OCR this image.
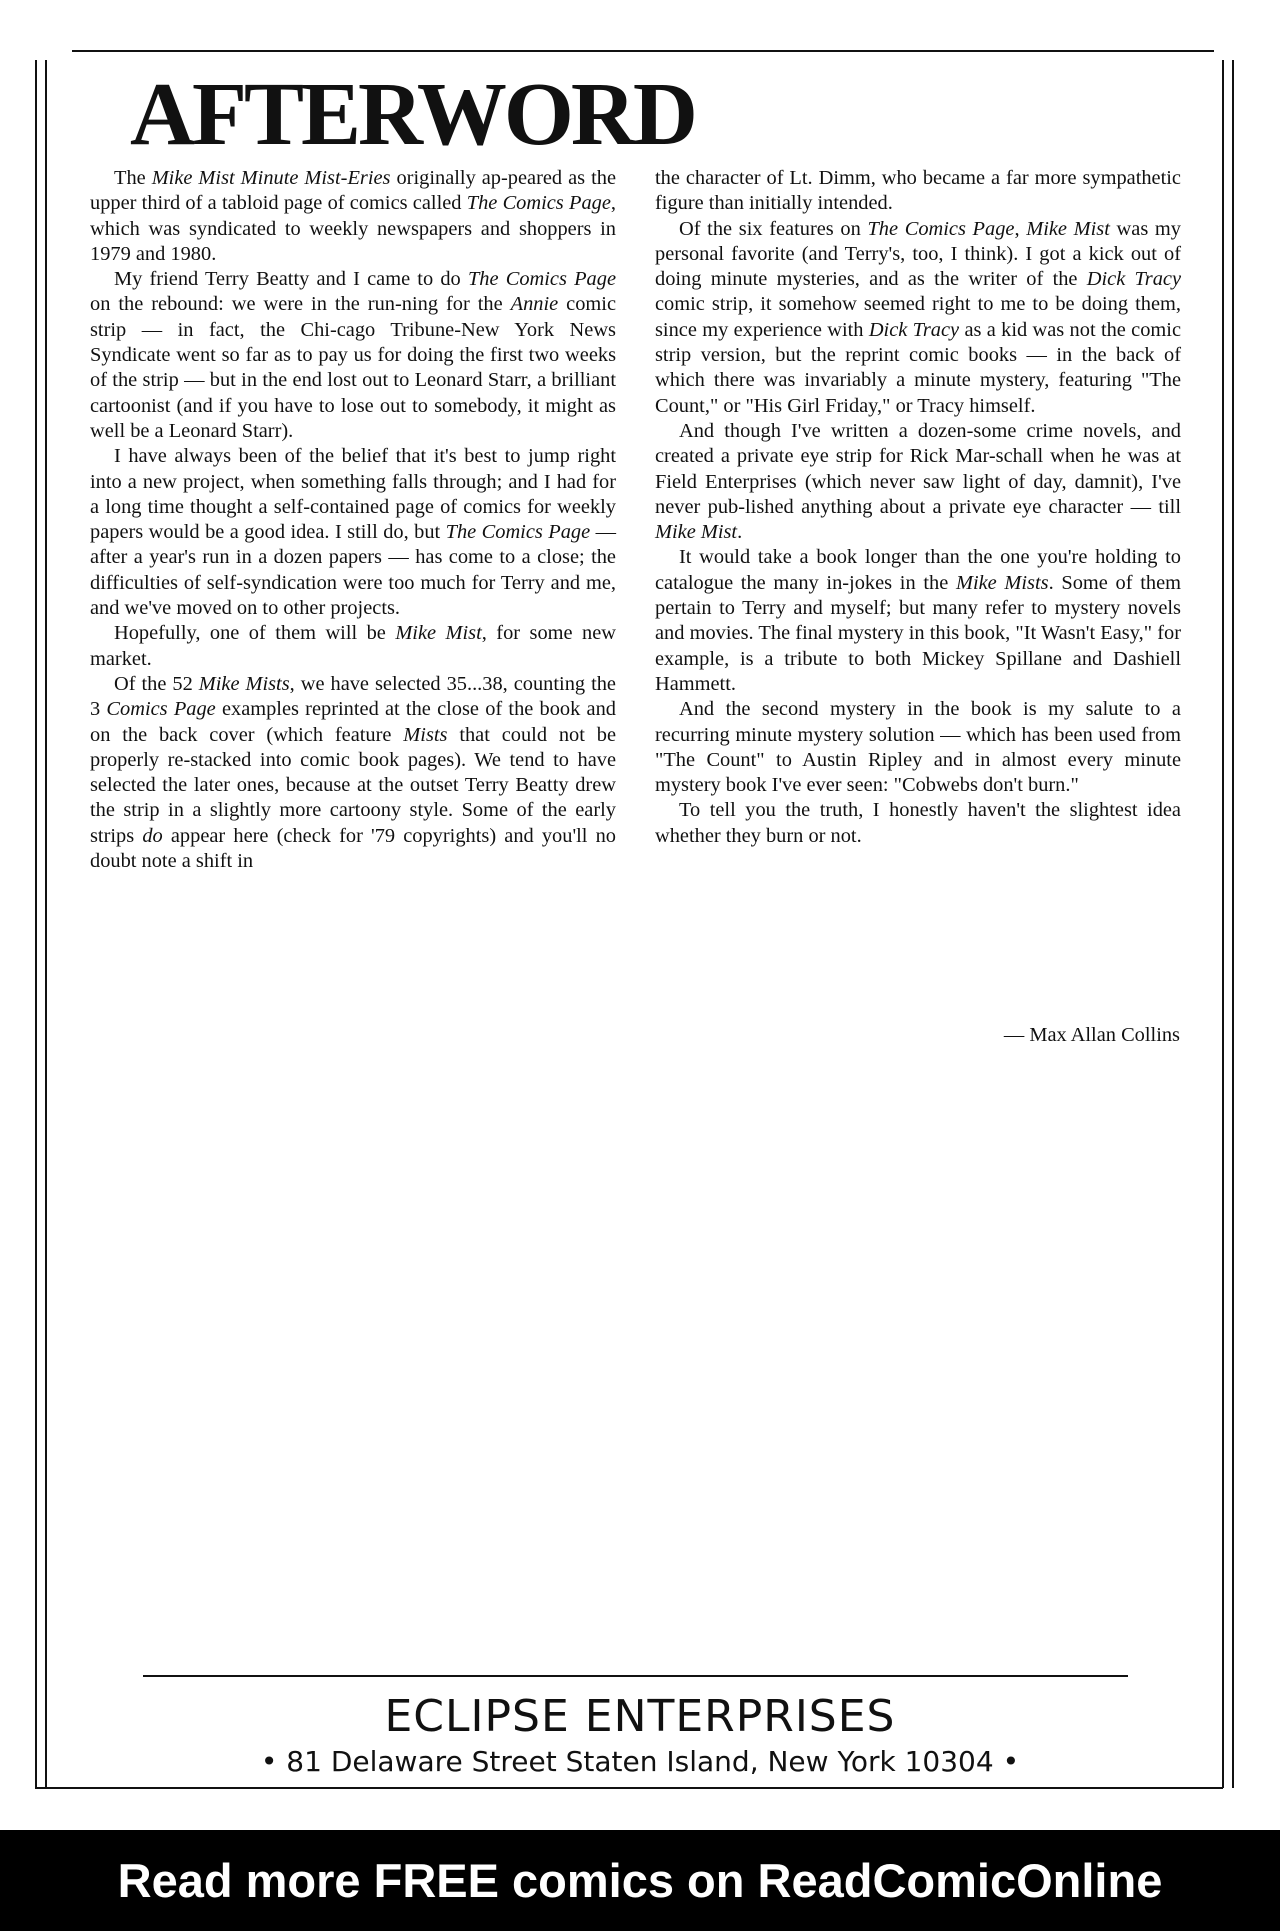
AFTERWORD

The Mike Mist Minute Mist-Eries originally ap-peared as the upper third of a tabloid page of comics called The Comics Page, which was syndicated to weekly newspapers and shoppers in 1979 and 1980.

My friend Terry Beatty and I came to do The Comics Page on the rebound: we were in the run-ning for the Annie comic strip — in fact, the Chi-cago Tribune-New York News Syndicate went so far as to pay us for doing the first two weeks of the strip — but in the end lost out to Leonard Starr, a brilliant cartoonist (and if you have to lose out to somebody, it might as well be a Leonard Starr).

I have always been of the belief that it's best to jump right into a new project, when something falls through; and I had for a long time thought a self-contained page of comics for weekly papers would be a good idea. I still do, but The Comics Page — after a year's run in a dozen papers — has come to a close; the difficulties of self-syndication were too much for Terry and me, and we've moved on to other projects.

Hopefully, one of them will be Mike Mist, for some new market.

Of the 52 Mike Mists, we have selected 35...38, counting the 3 Comics Page examples reprinted at the close of the book and on the back cover (which feature Mists that could not be properly re-stacked into comic book pages). We tend to have selected the later ones, because at the outset Terry Beatty drew the strip in a slightly more cartoony style. Some of the early strips do appear here (check for '79 copyrights) and you'll no doubt note a shift in

the character of Lt. Dimm, who became a far more sympathetic figure than initially intended.

Of the six features on The Comics Page, Mike Mist was my personal favorite (and Terry's, too, I think). I got a kick out of doing minute mysteries, and as the writer of the Dick Tracy comic strip, it somehow seemed right to me to be doing them, since my experience with Dick Tracy as a kid was not the comic strip version, but the reprint comic books — in the back of which there was invariably a minute mystery, featuring "The Count," or "His Girl Friday," or Tracy himself.

And though I've written a dozen-some crime novels, and created a private eye strip for Rick Mar-schall when he was at Field Enterprises (which never saw light of day, damnit), I've never pub-lished anything about a private eye character — till Mike Mist.

It would take a book longer than the one you're holding to catalogue the many in-jokes in the Mike Mists. Some of them pertain to Terry and myself; but many refer to mystery novels and movies. The final mystery in this book, "It Wasn't Easy," for example, is a tribute to both Mickey Spillane and Dashiell Hammett.

And the second mystery in the book is my salute to a recurring minute mystery solution — which has been used from "The Count" to Austin Ripley and in almost every minute mystery book I've ever seen: "Cobwebs don't burn."

To tell you the truth, I honestly haven't the slightest idea whether they burn or not.

— Max Allan Collins
ECLIPSE ENTERPRISES
• 81 Delaware Street Staten Island, New York 10304 •
Read more FREE comics on ReadComicOnline
